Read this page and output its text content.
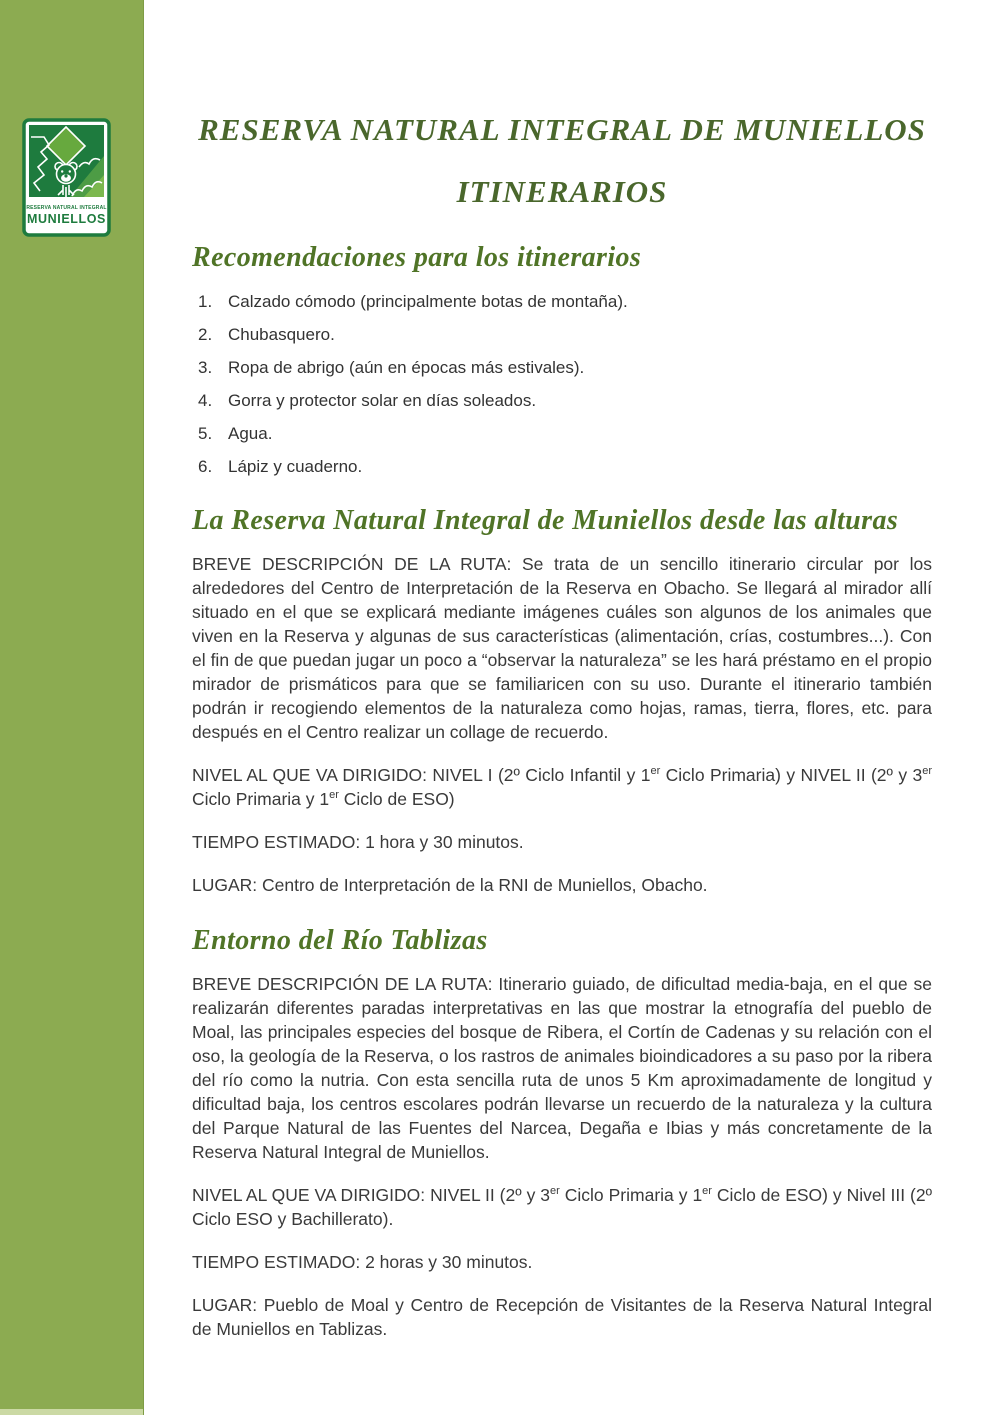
RESERVA NATURAL INTEGRAL
MUNIELLOS
RESERVA NATURAL INTEGRAL DE MUNIELLOS
ITINERARIOS
Recomendaciones para los itinerarios
Calzado cómodo (principalmente botas de montaña).
Chubasquero.
Ropa de abrigo (aún en épocas más estivales).
Gorra y protector solar en días soleados.
Agua.
Lápiz y cuaderno.
La Reserva Natural Integral de Muniellos desde las alturas

BREVE DESCRIPCIÓN DE LA RUTA: Se trata de un sencillo itinerario circular por los alrededores del Centro de Interpretación de la Reserva en Obacho. Se llegará al mirador allí situado en el que se explicará mediante imágenes cuáles son algunos de los animales que viven en la Reserva y algunas de sus características (alimentación, crías, costumbres...). Con el fin de que puedan jugar un poco a “observar la naturaleza” se les hará préstamo en el propio mirador de prismáticos para que se familiaricen con su uso. Durante el itinerario también podrán ir recogiendo elementos de la naturaleza como hojas, ramas, tierra, flores, etc. para después en el Centro realizar un collage de recuerdo.

NIVEL AL QUE VA DIRIGIDO: NIVEL I (2º Ciclo Infantil y 1er Ciclo Primaria) y NIVEL II (2º y 3er Ciclo Primaria y 1er Ciclo de ESO)

TIEMPO ESTIMADO: 1 hora y 30 minutos.

LUGAR: Centro de Interpretación de la RNI de Muniellos, Obacho.

Entorno del Río Tablizas

BREVE DESCRIPCIÓN DE LA RUTA: Itinerario guiado, de dificultad media-baja, en el que se realizarán diferentes paradas interpretativas en las que mostrar la etnografía del pueblo de Moal, las principales especies del bosque de Ribera, el Cortín de Cadenas y su relación con el oso, la geología de la Reserva, o los rastros de animales bioindicadores a su paso por la ribera del río como la nutria. Con esta sencilla ruta de unos 5 Km aproximadamente de longitud y dificultad baja, los centros escolares podrán llevarse un recuerdo de la naturaleza y la cultura del Parque Natural de las Fuentes del Narcea, Degaña e Ibias y más concretamente de la Reserva Natural Integral de Muniellos.

NIVEL AL QUE VA DIRIGIDO: NIVEL II (2º y 3er Ciclo Primaria y 1er Ciclo de ESO) y Nivel III (2º Ciclo ESO y Bachillerato).

TIEMPO ESTIMADO: 2 horas y 30 minutos.

LUGAR: Pueblo de Moal y Centro de Recepción de Visitantes de la Reserva Natural Integral de Muniellos en Tablizas.
